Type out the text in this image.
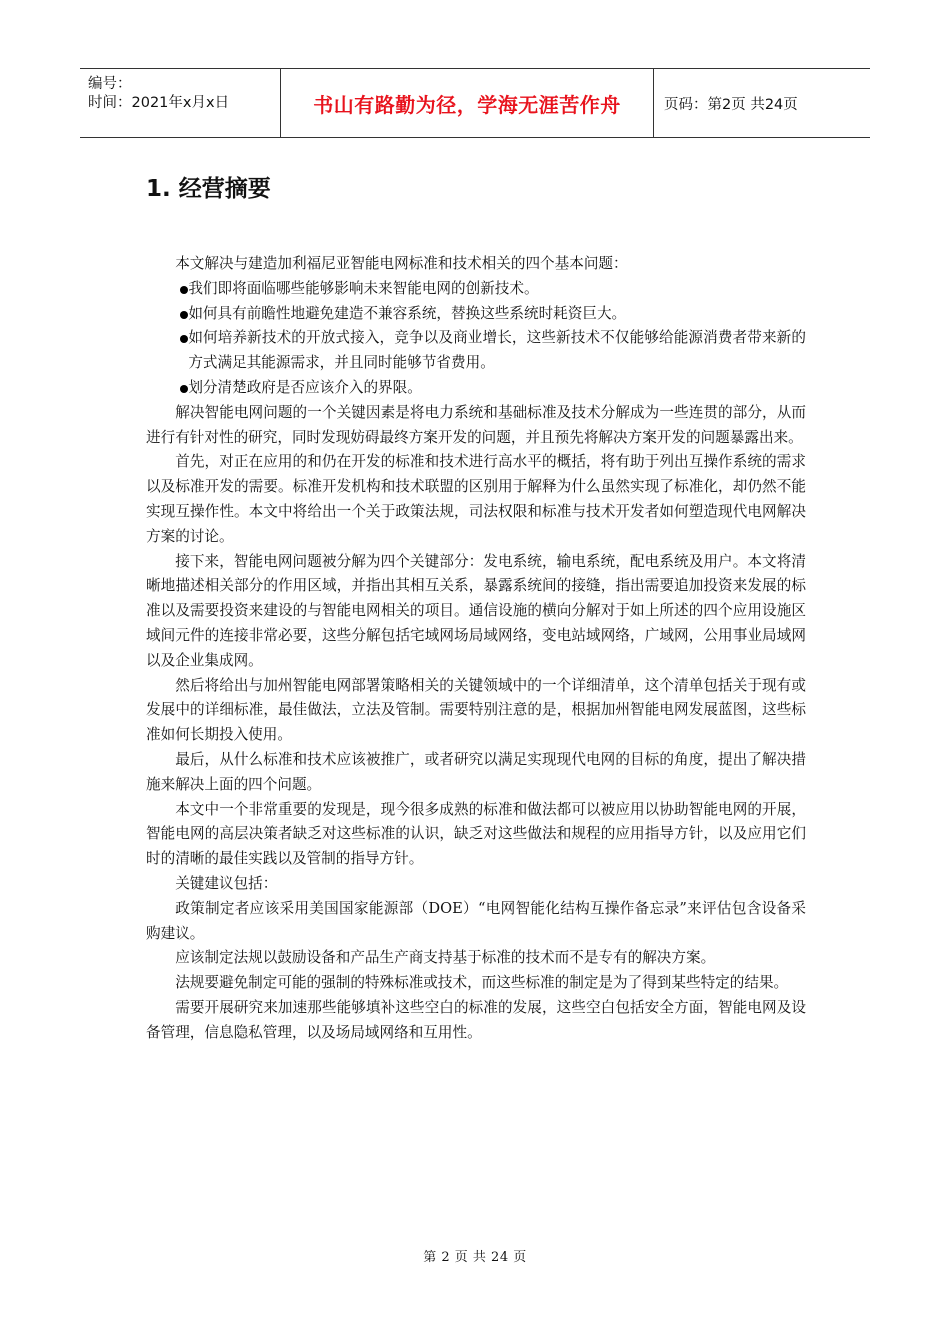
编号：
时间：2021年x月x日	书山有路勤为径，学海无涯苦作舟	页码：第2页 共24页
1. 经营摘要

本文解决与建造加利福尼亚智能电网标准和技术相关的四个基本问题：

我们即将面临哪些能够影响未来智能电网的创新技术。
如何具有前瞻性地避免建造不兼容系统，替换这些系统时耗资巨大。
如何培养新技术的开放式接入，竞争以及商业增长，这些新技术不仅能够给能源消费者带来新的方式满足其能源需求，并且同时能够节省费用。
划分清楚政府是否应该介入的界限。

解决智能电网问题的一个关键因素是将电力系统和基础标准及技术分解成为一些连贯的部分，从而进行有针对性的研究，同时发现妨碍最终方案开发的问题，并且预先将解决方案开发的问题暴露出来。

首先，对正在应用的和仍在开发的标准和技术进行高水平的概括，将有助于列出互操作系统的需求以及标准开发的需要。标准开发机构和技术联盟的区别用于解释为什么虽然实现了标准化，却仍然不能实现互操作性。本文中将给出一个关于政策法规，司法权限和标准与技术开发者如何塑造现代电网解决方案的讨论。

接下来，智能电网问题被分解为四个关键部分：发电系统，输电系统，配电系统及用户。本文将清晰地描述相关部分的作用区域，并指出其相互关系，暴露系统间的接缝，指出需要追加投资来发展的标准以及需要投资来建设的与智能电网相关的项目。通信设施的横向分解对于如上所述的四个应用设施区域间元件的连接非常必要，这些分解包括宅域网场局域网络，变电站域网络，广域网，公用事业局域网以及企业集成网。

然后将给出与加州智能电网部署策略相关的关键领域中的一个详细清单，这个清单包括关于现有或发展中的详细标准，最佳做法，立法及管制。需要特别注意的是，根据加州智能电网发展蓝图，这些标准如何长期投入使用。

最后，从什么标准和技术应该被推广，或者研究以满足实现现代电网的目标的角度，提出了解决措施来解决上面的四个问题。

本文中一个非常重要的发现是，现今很多成熟的标准和做法都可以被应用以协助智能电网的开展，智能电网的高层决策者缺乏对这些标准的认识，缺乏对这些做法和规程的应用指导方针，以及应用它们时的清晰的最佳实践以及管制的指导方针。

关键建议包括：

政策制定者应该采用美国国家能源部（DOE）“电网智能化结构互操作备忘录”来评估包含设备采购建议。

应该制定法规以鼓励设备和产品生产商支持基于标准的技术而不是专有的解决方案。

法规要避免制定可能的强制的特殊标准或技术，而这些标准的制定是为了得到某些特定的结果。

需要开展研究来加速那些能够填补这些空白的标准的发展，这些空白包括安全方面，智能电网及设备管理，信息隐私管理，以及场局域网络和互用性。

第 2 页 共 24 页
